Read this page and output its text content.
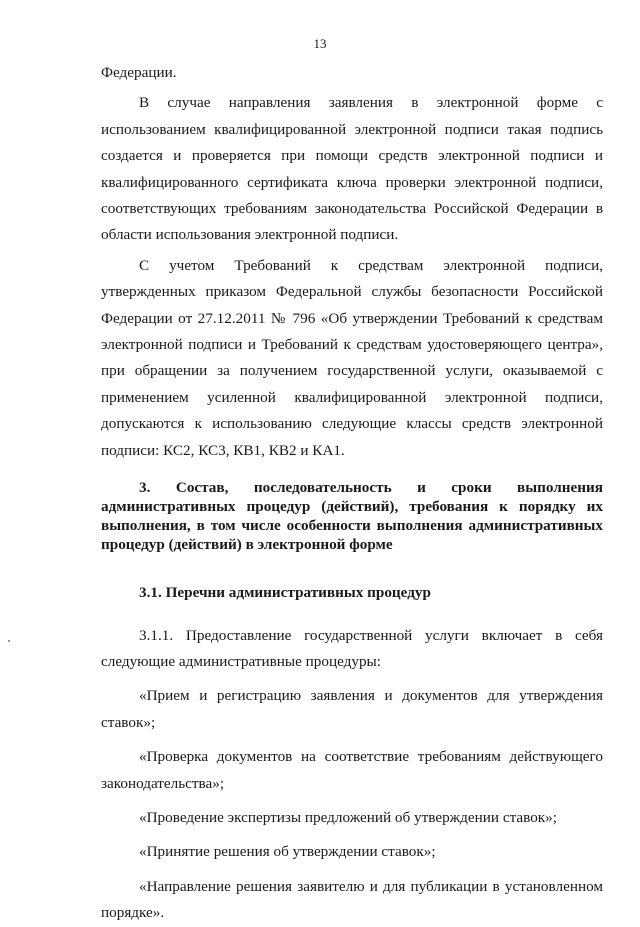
13

Федерации.

В случае направления заявления в электронной форме с использованием квалифицированной электронной подписи такая подпись создается и проверяется при помощи средств электронной подписи и квалифицированного сертификата ключа проверки электронной подписи, соответствующих требованиям законодательства Российской Федерации в области использования электронной подписи.

С учетом Требований к средствам электронной подписи, утвержденных приказом Федеральной службы безопасности Российской Федерации от 27.12.2011 № 796 «Об утверждении Требований к средствам электронной подписи и Требований к средствам удостоверяющего центра», при обращении за получением государственной услуги, оказываемой с применением усиленной квалифицированной электронной подписи, допускаются к использованию следующие классы средств электронной подписи: КС2, КС3, КВ1, КВ2 и КА1.

3. Состав, последовательность и сроки выполнения административных процедур (действий), требования к порядку их выполнения, в том числе особенности выполнения административных процедур (действий) в электронной форме

3.1. Перечни административных процедур

3.1.1. Предоставление государственной услуги включает в себя следующие административные процедуры:

«Прием и регистрацию заявления и документов для утверждения ставок»;

«Проверка документов на соответствие требованиям действующего законодательства»;

«Проведение экспертизы предложений об утверждении ставок»;

«Принятие решения об утверждении ставок»;

«Направление решения заявителю и для публикации в установленном порядке».
